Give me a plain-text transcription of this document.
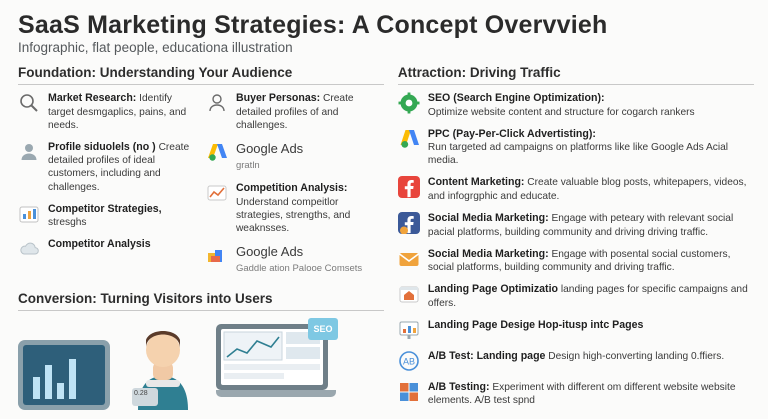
SaaS Marketing Strategies: A Concept Overvvieh
Infographic, flat people, educationa illustration
Foundation: Understanding Your Audience
Market Research: Identify target desmgaplics, pains, and needs.
Profile siduolels (no ) Create detailed profiles of ideal customers, including and challenges.
Competitor Strategies, stresghs
Competitor Analysis
Buyer Personas: Create detailed profiles of and challenges.
Google Ads
gratln
Competition Analysis: Understand compeitlor strategies, strengths, and weaknsses.
Google Ads
Gaddle ation Palooe Comsets
Conversion: Turning Visitors into Users
0.28
SEO
Attraction: Driving Traffic
SEO (Search Engine Optimization):
Optimize website content and structure for cogarch rankers
PPC (Pay-Per-Click Advertisting):
Run targeted ad campaigns on platforms like like Google Ads Acial media.
Content Marketing: Create valuable blog posts, whitepapers, videos, and infogrgphic and educate.
Social Media Marketing: Engage with peteary with relevant social pacial platforms, building community and driving driving traffic.
Social Media Marketing: Engage with posental social customers, social platforms, building community and driving traffic.
Landing Page Optimizatio landing pages for specific campaigns and offers.
Landing Page Desige Hop-itusp intc Pages
AB A/B Test: Landing page Design high-converting landing 0.ffiers.
A/B Testing: Experiment with different om different website website elements. A/B test spnd
